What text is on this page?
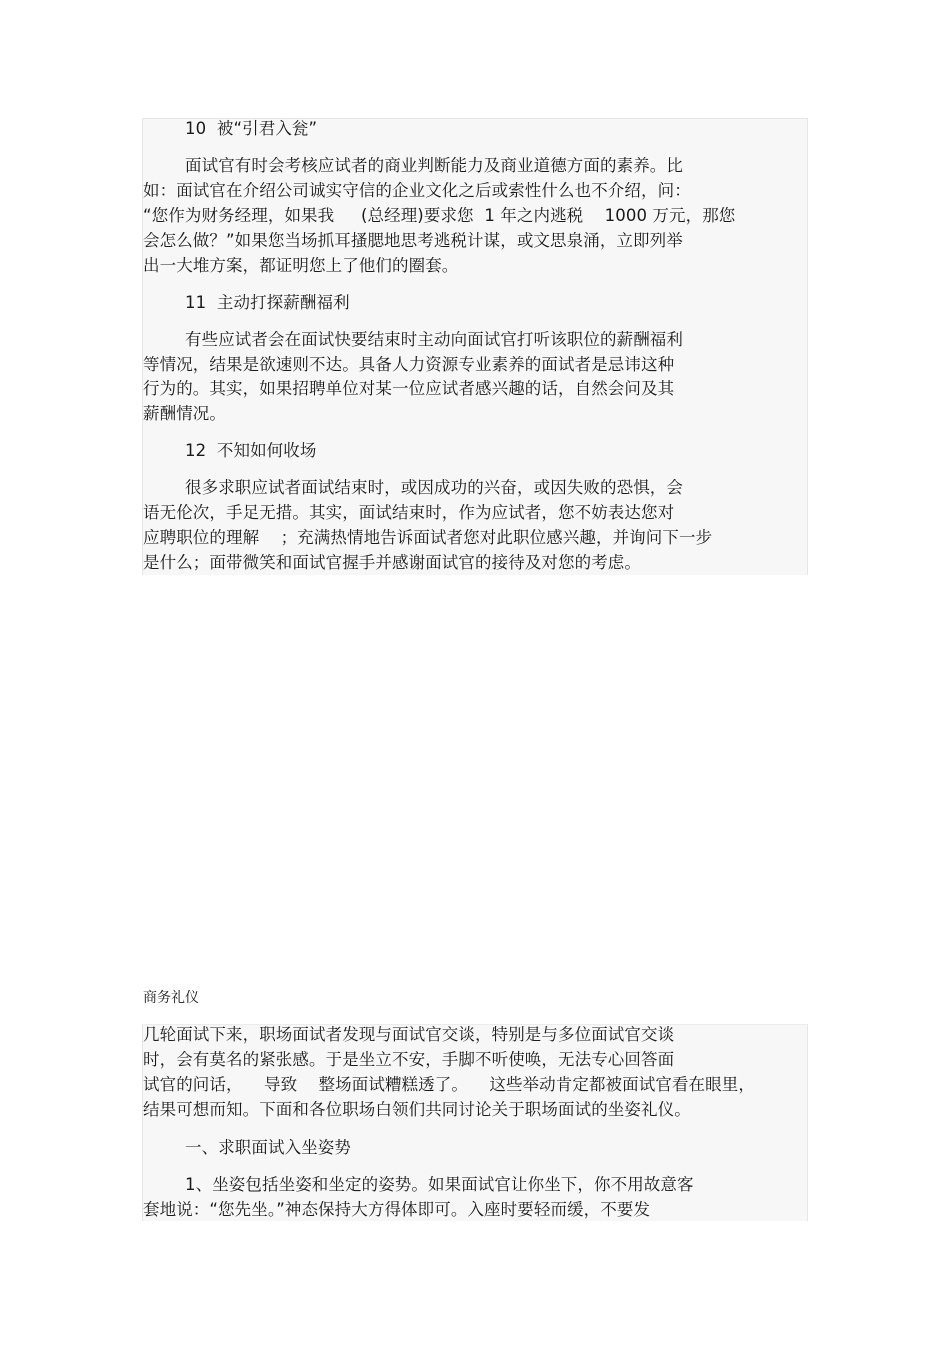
10  被“引君入瓮”
面试官有时会考核应试者的商业判断能力及商业道德方面的素养。比
如：面试官在介绍公司诚实守信的企业文化之后或索性什么也不介绍，问：
“您作为财务经理，如果我     (总经理)要求您  1 年之内逃税    1000 万元，那您
会怎么做？”如果您当场抓耳搔腮地思考逃税计谋，或文思泉涌，立即列举
出一大堆方案，都证明您上了他们的圈套。
11  主动打探薪酬福利
有些应试者会在面试快要结束时主动向面试官打听该职位的薪酬福利
等情况，结果是欲速则不达。具备人力资源专业素养的面试者是忌讳这种
行为的。其实，如果招聘单位对某一位应试者感兴趣的话，自然会问及其
薪酬情况。
12  不知如何收场
很多求职应试者面试结束时，或因成功的兴奋，或因失败的恐惧，会
语无伦次，手足无措。其实，面试结束时，作为应试者，您不妨表达您对
应聘职位的理解    ；充满热情地告诉面试者您对此职位感兴趣，并询问下一步
是什么；面带微笑和面试官握手并感谢面试官的接待及对您的考虑。
商务礼仪
几轮面试下来，职场面试者发现与面试官交谈，特别是与多位面试官交谈
时，会有莫名的紧张感。于是坐立不安，手脚不听使唤，无法专心回答面
试官的问话，    导致    整场面试糟糕透了。    这些举动肯定都被面试官看在眼里，
结果可想而知。下面和各位职场白领们共同讨论关于职场面试的坐姿礼仪。
一、求职面试入坐姿势
1、坐姿包括坐姿和坐定的姿势。如果面试官让你坐下，你不用故意客
套地说：“您先坐。”神态保持大方得体即可。入座时要轻而缓，不要发
